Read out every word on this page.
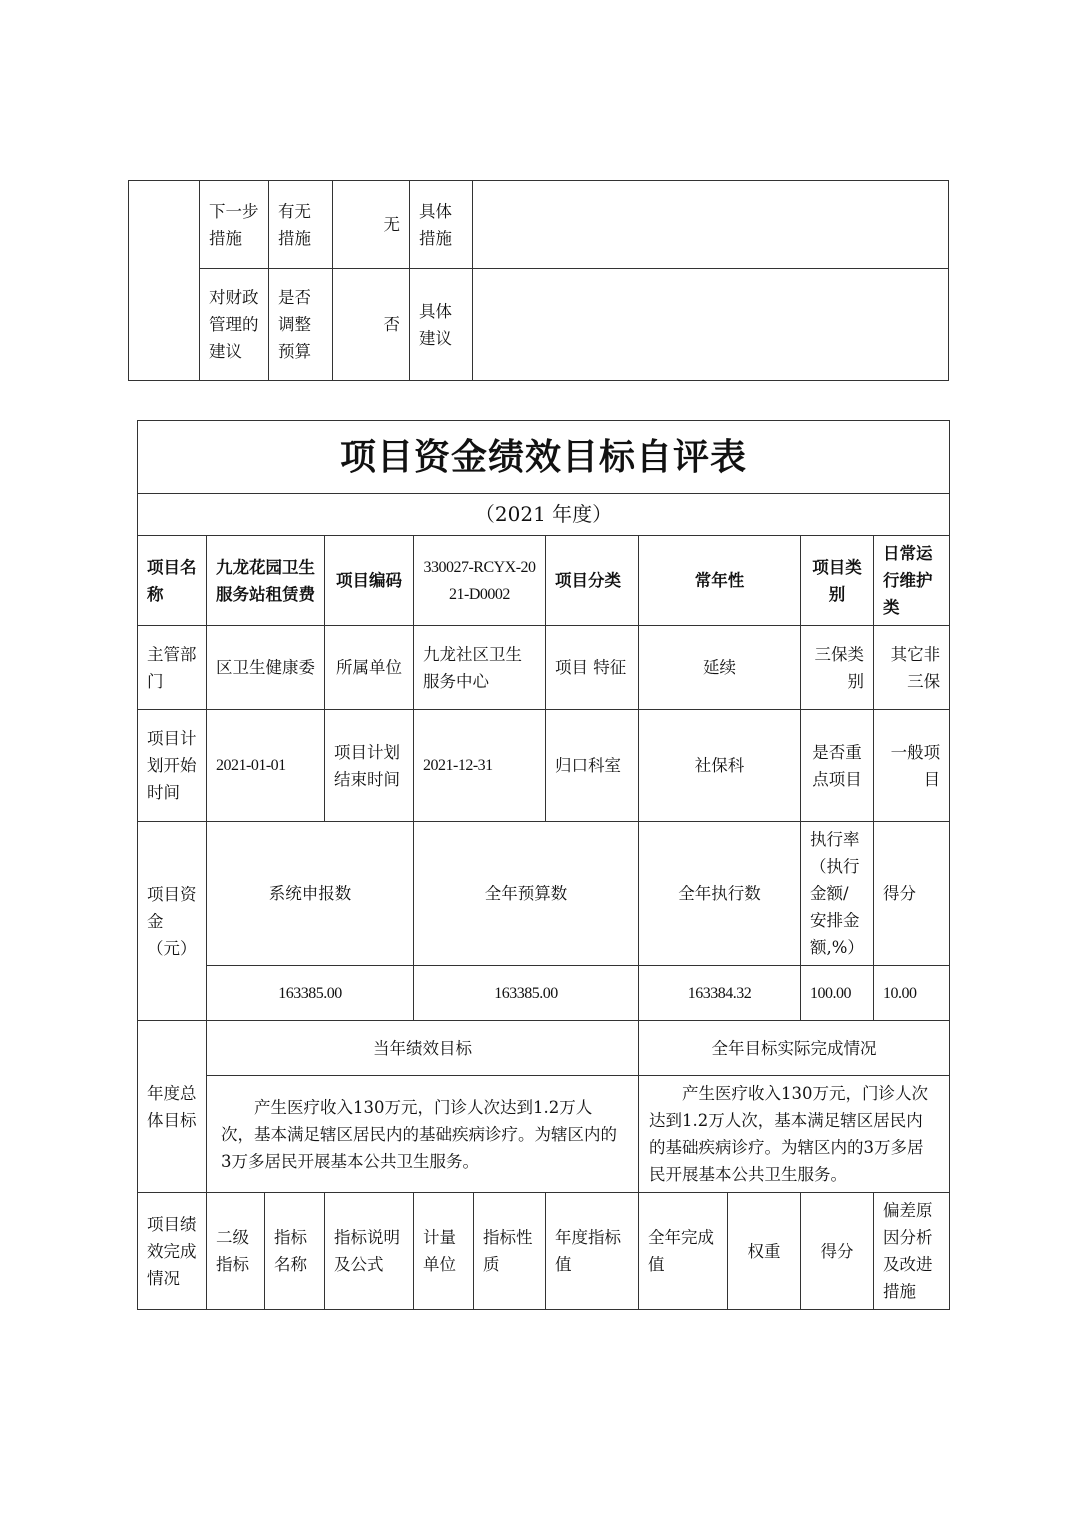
	下一步措施	有无措施	无	具体措施	
	对财政管理的建议	是否调整预算	否	具体建议	
项目资金绩效目标自评表										
（2021 年度）										
项目名称	九龙花园卫生服务站租赁费		项目编码	330027-RCYX-2021-D0002		项目分类	常年性		项目类别	日常运行维护类
主管部门	区卫生健康委		所属单位	九龙社区卫生服务中心		项目 特征	延续		三保类别	其它非三保
项目计划开始时间	2021-01-01		项目计划结束时间	2021-12-31		归口科室	社保科		是否重点项目	一般项目
项目资金（元）	系统申报数			全年预算数			全年执行数		执行率（执行金额/安排金额,%）	得分
	163385.00			163385.00			163384.32		100.00	10.00
年度总体目标	当年绩效目标						全年目标实际完成情况			
	产生医疗收入130万元，门诊人次达到1.2万人次，基本满足辖区居民内的基础疾病诊疗。为辖区内的3万多居民开展基本公共卫生服务。						产生医疗收入130万元，门诊人次达到1.2万人次，基本满足辖区居民内的基础疾病诊疗。为辖区内的3万多居民开展基本公共卫生服务。			
项目绩效完成情况	二级指标	指标名称	指标说明及公式	计量单位	指标性质	年度指标值	全年完成值	权重	得分	偏差原因分析及改进措施
